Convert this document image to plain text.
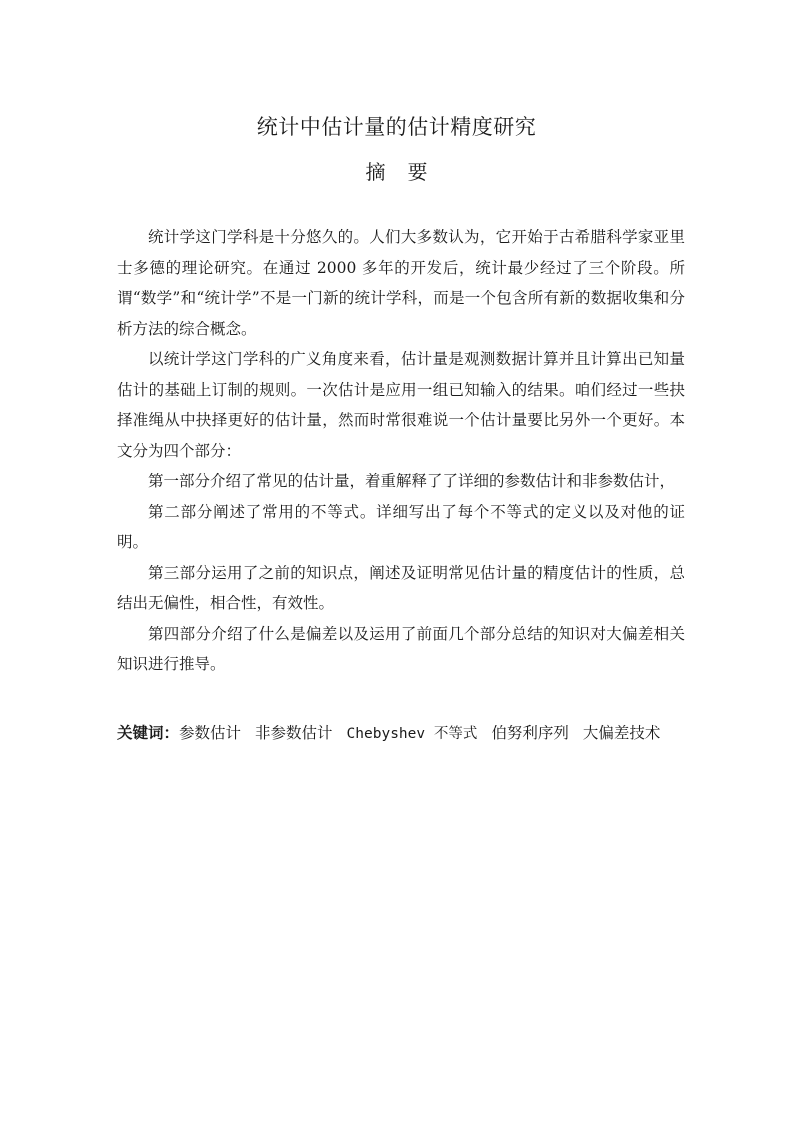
统计中估计量的估计精度研究
摘要

统计学这门学科是十分悠久的。人们大多数认为，它开始于古希腊科学家亚里士多德的理论研究。在通过 2000 多年的开发后，统计最少经过了三个阶段。所谓“数学”和“统计学”不是一门新的统计学科，而是一个包含所有新的数据收集和分析方法的综合概念。

以统计学这门学科的广义角度来看，估计量是观测数据计算并且计算出已知量估计的基础上订制的规则。一次估计是应用一组已知输入的结果。咱们经过一些抉择准绳从中抉择更好的估计量，然而时常很难说一个估计量要比另外一个更好。本文分为四个部分：

第一部分介绍了常见的估计量，着重解释了了详细的参数估计和非参数估计，

第二部分阐述了常用的不等式。详细写出了每个不等式的定义以及对他的证明。

第三部分运用了之前的知识点，阐述及证明常见估计量的精度估计的性质，总结出无偏性，相合性，有效性。

第四部分介绍了什么是偏差以及运用了前面几个部分总结的知识对大偏差相关知识进行推导。

关键词：参数估计 非参数估计 Chebyshev 不等式 伯努利序列 大偏差技术
